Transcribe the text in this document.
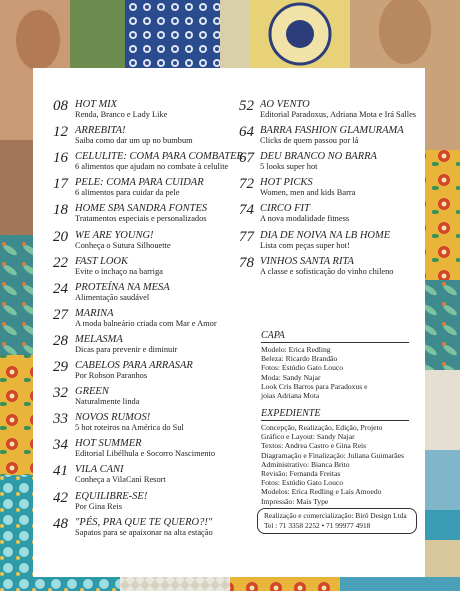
08 HOT MIX
Renda, Branco e Lady Like
12 ARREBITA!
Saiba como dar um up no bumbum
16 CELULITE: COMA PARA COMBATER
6 alimentos que ajudam no combate à celulite
17 PELE: COMA PARA CUIDAR
6 alimentos para cuidar da pele
18 HOME SPA SANDRA FONTES
Tratamentos especiais e personalizados
20 WE ARE YOUNG!
Conheça o Sutura Silhouette
22 FAST LOOK
Evite o inchaço na barriga
24 PROTEÍNA NA MESA
Alimentação saudável
27 MARINA
A moda balneário criada com Mar e Amor
28 MELASMA
Dicas para prevenir e diminuir
29 CABELOS PARA ARRASAR
Por Robson Paranhos
32 GREEN
Naturalmente linda
33 NOVOS RUMOS!
5 hot roteiros na América do Sul
34 HOT SUMMER
Editorial Libélhula e Socorro Nascimento
41 VILA CANI
Conheça a VilaCanì Resort
42 EQUILIBRE-SE!
Por Gina Reis
48 "PÉS, PRA QUE TE QUERO?!"
Sapatos para se apaixonar na alta estação
52 AO VENTO
Editorial Paradoxus, Adriana Mota e Irá Salles
64 BARRA FASHION GLAMURAMA
Clicks de quem passou por lá
67 DEU BRANCO NO BARRA
5 looks super hot
72 HOT PICKS
Women, men and kids Barra
74 CIRCO FIT
A nova modalidade fitness
77 DIA DE NOIVA NA LB HOME
Lista com peças super hot!
78 VINHOS SANTA RITA
A classe e sofisticação do vinho chileno
CAPA
Modelo: Erica Redling
Beleza: Ricardo Brandão
Fotos: Estúdio Gato Louco
Moda: Sandy Najar
Look Cris Barros para Paradoxus e
joias Adriana Mota
EXPEDIENTE
Concepção, Realização, Edição, Projeto
Gráfico e Layout: Sandy Najar
Textos: Andrea Castro e Gina Reis
Diagramação e Finalização: Juliana Guimarães
Administrativo: Bianca Brito
Revisão: Fernanda Freitas
Fotos: Estúdio Gato Louco
Modelos: Erica Redling e Lais Amoedo
Impressão: Mais Type
Realização e comercialização: Birô Design Ltda
Tel : 71 3358 2252 • 71 99977 4918
